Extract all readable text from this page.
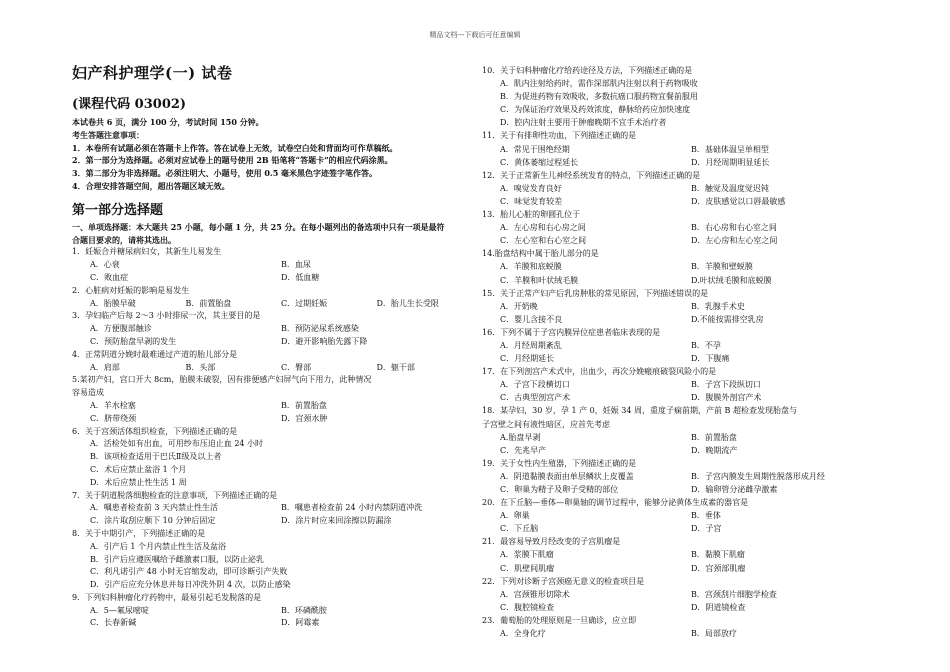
精品文档---下载后可任意编辑
妇产科护理学(一) 试卷
(课程代码 03002)
本试卷共 6 页，满分 100 分，考试时间 150 分钟。
考生答题注意事项：
1．本卷所有试题必须在答题卡上作答。答在试卷上无效，试卷空白处和背面均可作草稿纸。
2．第一部分为选择题。必须对应试卷上的题号使用 2B 铅笔将“答题卡”的相应代码涂黑。
3．第二部分为非选择题。必须注明大、小题号，使用 0.5 毫米黑色字迹签字笔作答。
4．合理安排答题空间，超出答题区域无效。
第一部分选择题
一、单项选择题：本大题共 25 小题，每小题 1 分，共 25 分。在每小题列出的备选项中只有一项是最符
合题目要求的，请将其选出。
1．妊娠合并糖尿病妇女，其新生儿易发生
A．心衰	B．血尿
C．败血症	D．低血糖
2．心脏病对妊娠的影响是易发生
A．胎膜早破	B．前置胎盘	C．过期妊娠	D．胎儿生长受限
3．孕妇临产后每 2～3 小时排尿一次，其主要目的是
A．方便腹部触诊	B．预防泌尿系统感染
C．预防胎盘早剥的发生	D．避开影响胎先露下降
4．正常阴道分娩时最难通过产道的胎儿部分是
A．肩部	B．头部	C．臀部	D．躯干部
5.某初产妇，宫口开大 8cm，胎膜未破裂，因有排便感产妇屏气向下用力，此种情况
容易造成
A．羊水栓塞	B．前置胎盘
C．脐带绕颈	D．宫颈水肿
6．关于宫颈活体组织检查，下列描述正确的是
A．活检处如有出血，可用纱布压迫止血 24 小时
B．该项检查适用于巴氏Ⅱ级及以上者
C．术后应禁止盆浴 1 个月
D．术后应禁止性生活 1 周
7．关于阴道脱落细胞检查的注意事项，下列描述正确的是
A．嘱患者检查前 3 天内禁止性生活	B．嘱患者检查前 24 小时内禁阴道冲洗
C．涂片取刮应顺下 10 分钟后固定	D．涂片时应来回涂擦以防漏涂
8．关于中期引产，下列描述正确的是
A．引产后 1 个月内禁止性生活及盆浴
B．引产后应遵医嘱给予雌激素口服，以防止泌乳
C．利凡诺引产 48 小时无宫缩发动，即可诊断引产失败
D．引产后应充分休息并每日冲洗外阴 4 次，以防止感染
9．下列妇科肿瘤化疗药物中，最易引起毛发脱落的是
A．5—氟尿嘧啶	B．环磷酰胺
C．长春新碱	D．阿霉素
10．关于妇科肿瘤化疗给药途径及方法，下列描述正确的是
A．肌内注射给药时，需作深部肌内注射以利于药物吸收
B．为促进药物有效吸收，多数抗癌口服药物宜餐前服用
C．为保证治疗效果及药效浓度，静脉给药应加快速度
D．腔内注射主要用于肿瘤晚期不宜手术治疗者
11．关于有排卵性功血，下列描述正确的是
A．常见于围绝经期	B．基础体温呈单相型
C．黄体萎缩过程延长	D．月经周期明显延长
12．关于正常新生儿神经系统发育的特点，下列描述正确的是
A．嗅觉发育良好	B．触觉及温度觉迟钝
C．味觉发育较差	D．皮肤感觉以口唇最敏感
13．胎儿心脏的卵圆孔位于
A．左心房和右心房之间	B．右心房和右心室之间
C．左心室和右心室之间	D．左心房和左心室之间
14.胎盘结构中属于胎儿部分的是
A．羊膜和底蜕膜	B．羊膜和壁蜕膜
C．羊膜和叶状绒毛膜	D.叶状绒毛膜和底蜕膜
15．关于正常产妇产后乳房肿胀的常见原因，下列描述错误的是
A．开奶晚	B．乳腺手术史
C．婴儿含接不良	D.不能按需排空乳房
16．下列不属于子宫内膜异位症患者临床表现的是
A．月经周期紊乱	B．不孕
C．月经期延长	D．下腹痛
17．在下列剖宫产术式中，出血少，再次分娩瘢痕破裂风险小的是
A．子宫下段横切口	B．子宫下段纵切口
C．古典型剖宫产术	D．腹膜外剖宫产术
18．某孕妇，30 岁，孕 1 产 0，妊娠 34 周，重度子痫前期，产前 B 超检查发现胎盘与
子宫壁之间有液性暗区，应首先考虑
A.胎盘早剥	B．前置胎盘
C．先兆早产	D．晚期流产
19．关于女性内生殖器，下列描述正确的是
A．阴道黏膜表面由单层鳞状上皮覆盖	B．子宫内膜发生周期性脱落形成月经
C．卵巢为精子及卵子受精的部位	D．输卵管分泌雌孕激素
20．在下丘脑—垂体—卵巢轴的调节过程中，能够分泌黄体生成素的器官是
A．卵巢	B．垂体
C．下丘脑	D．子宫
21．最容易导致月经改变的子宫肌瘤是
A．浆膜下肌瘤	B．黏膜下肌瘤
C．肌壁间肌瘤	D．宫颈部肌瘤
22．下列对诊断子宫颈癌无意义的检查项目是
A．宫颈锥形切除术	B．宫颈刮片细胞学检查
C．腹腔镜检查	D．阴道镜检查
23．葡萄胎的处理原则是一旦确诊，应立即
A．全身化疗	B．局部放疗
